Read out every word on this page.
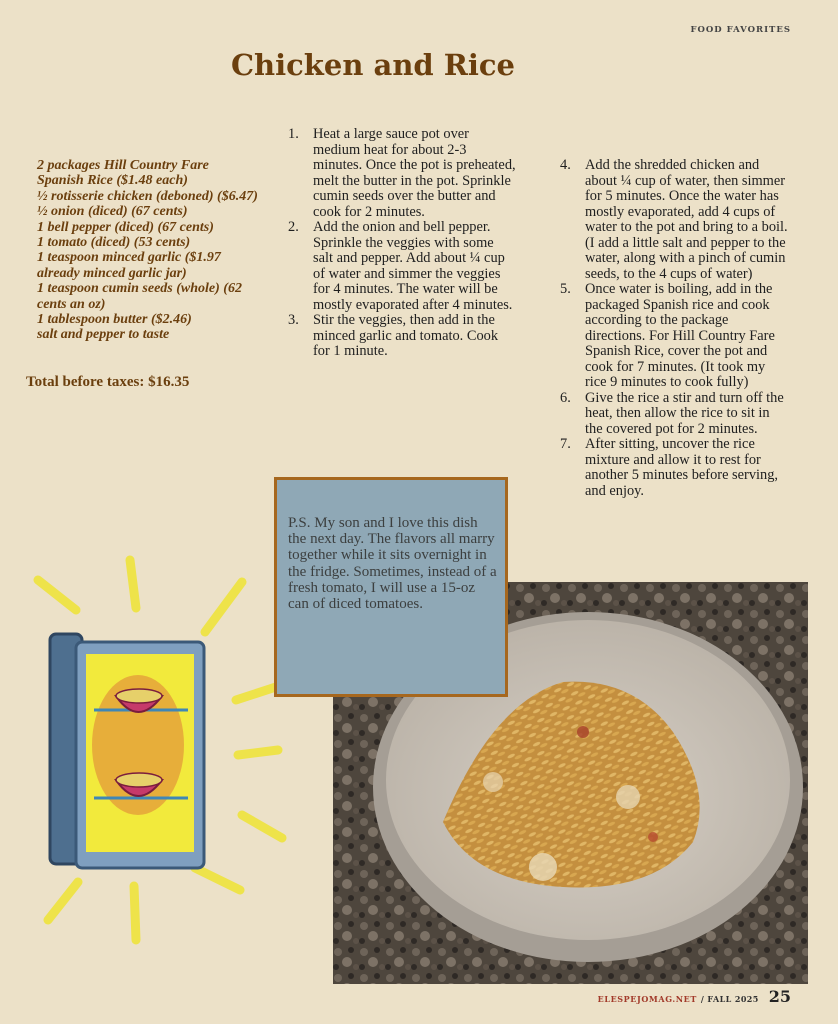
FOOD FAVORITES
Chicken and Rice
2 packages Hill Country Fare Spanish Rice ($1.48 each)
½ rotisserie chicken (deboned) ($6.47)
½ onion (diced) (67 cents)
1 bell pepper (diced) (67 cents)
1 tomato (diced) (53 cents)
1 teaspoon minced garlic ($1.97 already minced garlic jar)
1 teaspoon cumin seeds (whole) (62 cents an oz)
1 tablespoon butter ($2.46)
salt and pepper to taste
Total before taxes: $16.35
1. Heat a large sauce pot over medium heat for about 2-3 minutes. Once the pot is preheated, melt the butter in the pot. Sprinkle cumin seeds over the butter and cook for 2 minutes.
2. Add the onion and bell pepper. Sprinkle the veggies with some salt and pepper. Add about ¼ cup of water and simmer the veggies for 4 minutes. The water will be mostly evaporated after 4 minutes.
3. Stir the veggies, then add in the minced garlic and tomato. Cook for 1 minute.
4. Add the shredded chicken and about ¼ cup of water, then simmer for 5 minutes. Once the water has mostly evaporated, add 4 cups of water to the pot and bring to a boil. (I add a little salt and pepper to the water, along with a pinch of cumin seeds, to the 4 cups of water)
5. Once water is boiling, add in the packaged Spanish rice and cook according to the package directions. For Hill Country Fare Spanish Rice, cover the pot and cook for 7 minutes. (It took my rice 9 minutes to cook fully)
6. Give the rice a stir and turn off the heat, then allow the rice to sit in the covered pot for 2 minutes.
7. After sitting, uncover the rice mixture and allow it to rest for another 5 minutes before serving, and enjoy.
P.S. My son and I love this dish the next day. The flavors all marry together while it sits overnight in the fridge. Sometimes, instead of a fresh tomato, I will use a 15-oz can of diced tomatoes.
ELESPEJOMAG.NET / FALL 2025 25
